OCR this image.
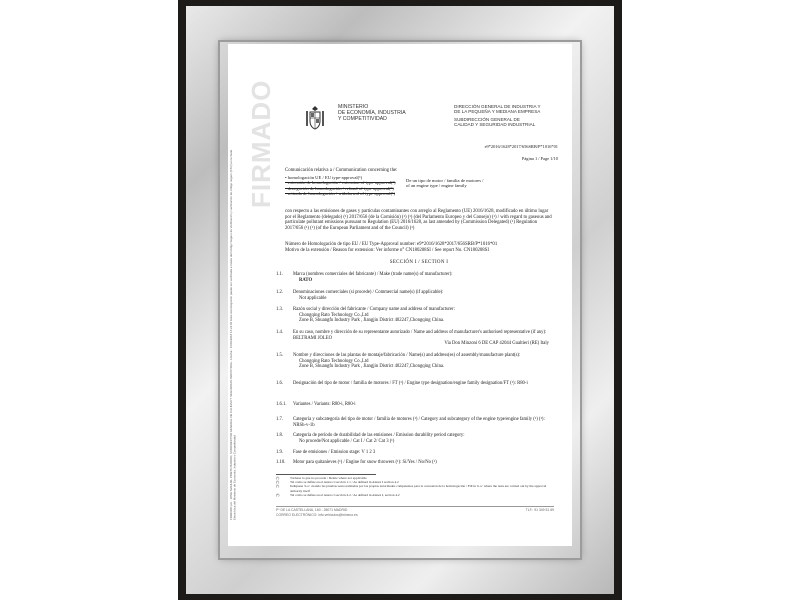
FIRMADO
FIRMADO por : JOSE MANUEL PRIETO BARRIO, SUBDIRECTOR GENERAL DE CALIDAD Y SEGURIDAD INDUSTRIAL. A fecha : 16/02/2018 16:22:04 Esta Homologación puede ser verificada a través del Código Seguro de Verificación y verificación de código seguro (CSV) en la Sede Electrónica del Ministerio de Economía, Industria y Competitividad
MINISTERIO
DE ECONOMÍA, INDUSTRIA
Y COMPETITIVIDAD
DIRECCIÓN GENERAL DE INDUSTRIA Y
DE LA PEQUEÑA Y MEDIANA EMPRESA
SUBDIRECCIÓN GENERAL DE
CALIDAD Y SEGURIDAD INDUSTRIAL
e9*2016/1628*2017/656SRB/P*1016*01
Página 1 / Page 1/10
Comunicación relativa a / Communication concerning the:
• homologación UE / EU type-approval(¹)
• extensión de homologación / extension of type-approval(¹)
• denegación de homologación / refusal of type-approval(¹)
• retirada de homologación / withdrawal of type-approval(¹)
De un tipo de motor / familia de motores / of an engine type / engine family
con respecto a las emisiones de gases y partículas contaminantes con arreglo al Reglamento (UE) 2016/1628, modificado en último lugar por el Reglamento (delegado) (¹) 2017/656 (de la Comisión) (¹) (¹) (del Parlamento Europeo y del Consejo) (¹) / with regard to gaseous and particulate pollutant emissions pursuant to Regulation (EU) 2016/1628, as last amended by (Commission Delegated) (¹) Regulation 2017/656 (¹) (¹) (of the European Parliament and of the Council) (¹)
Número de Homologación de tipo EU / EU Type-Approval number: e9*2016/1628*2017/656SRB/P*1016*01
Motivo de la extensión / Reason for extension: Ver informe n° CN180208SI / See report No. CN180208SI
SECCIÓN I / SECTION I
1.1.	Marca (nombres comerciales del fabricante) / Make (trade name(s) of manufacturer):
RATO
1.2.	Denominaciones comerciales (si procede) / Commercial name(s) (if applicable):
Not applicable
1.3.	Razón social y dirección del fabricante / Company name and address of manufacturer:
Chongqing Rato Technology Co.,Ltd
Zone B, Shuangfu Industry Park , Jiangjin District 402247,Chongqing China.
1.4.	En su caso, nombre y dirección de su representante autorizado / Name and address of manufacturer's authorised representative (if any): BELTRAMI JOLEO
Via Don Minzoni 6 DE CAP 42044 Gualtieri (RE) Italy
1.5.	Nombre y direcciones de las plantas de montaje/fabricación / Name(s) and address(es) of assembly/manufacture plant(s):
Chongqing Rato Technology Co.,Ltd
Zone B, Shuangfu Industry Park , Jiangjin District 402247,Chongqing China.
1.6.	Designación del tipo de motor / familia de motores / FT (¹) / Engine type designation/engine family designation/FT (¹): R80-i
1.6.1.	Variantes / Variants: R80-i, R80-i
1.7.	Categoría y subcategoría del tipo de motor / familia de motores (¹) / Category and subcategory of the engine type/engine family (¹) (¹): NRSh-v-1b
1.8.	Categoría de período de durabilidad de las emisiones / Emission durability period category:
No procede/Not applicable / Cat I / Cat 2/ Cat 3 (¹)
1.9.	Fase de emisiones / Emission stage: V 1 2 3
1.10.	Motor para quitanieves (¹) / Engine for snow throwers (¹): Sí/Yes / No/No (¹)
(¹)	Táchese lo que no proceda / Delete where not applicable
(²)	Tal como se define en el Anexo I sección 1.1 / As defined in Annex I section 4.2
(³)	Indíquese 'n.a.' cuando las pruebas sean realizadas por las propias autoridades competentes para la concesión de la homologación / Fill in 'n.a.' where the tests are carried out by the approval authority itself
(⁴)	Tal como se define en el Anexo I sección 4.2 / As defined in Annex I, section 4.2
Pº DE LA CASTELLANA, 160 - 28071 MADRID
CORREO ELECTRÓNICO: info.vehiculos@mineco.es
TLF.: 91 349 51 69
